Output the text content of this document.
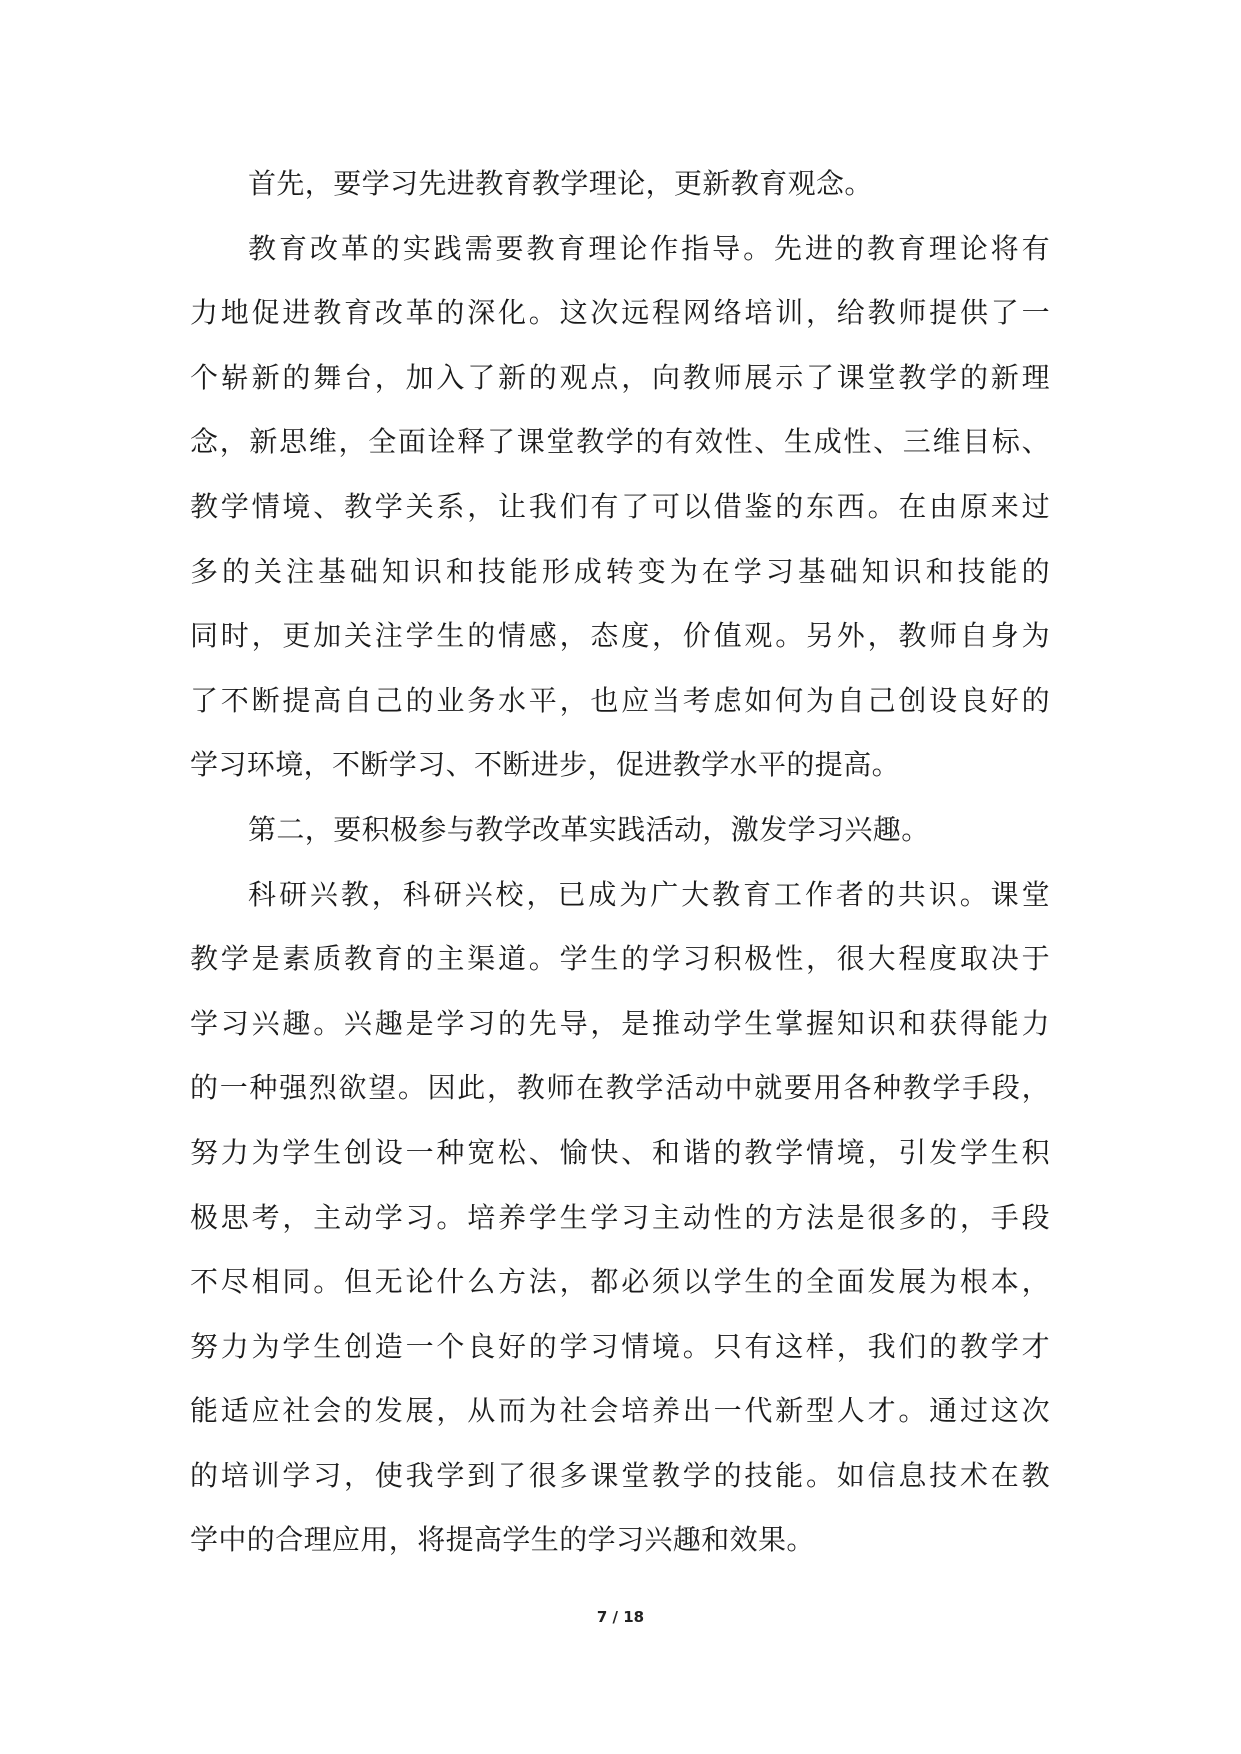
首先，要学习先进教育教学理论，更新教育观念。
教育改革的实践需要教育理论作指导。先进的教育理论将有
力地促进教育改革的深化。这次远程网络培训，给教师提供了一
个崭新的舞台，加入了新的观点，向教师展示了课堂教学的新理
念，新思维，全面诠释了课堂教学的有效性、生成性、三维目标、
教学情境、教学关系，让我们有了可以借鉴的东西。在由原来过
多的关注基础知识和技能形成转变为在学习基础知识和技能的
同时，更加关注学生的情感，态度，价值观。另外，教师自身为
了不断提高自己的业务水平，也应当考虑如何为自己创设良好的
学习环境，不断学习、不断进步，促进教学水平的提高。
第二，要积极参与教学改革实践活动，激发学习兴趣。
科研兴教，科研兴校，已成为广大教育工作者的共识。课堂
教学是素质教育的主渠道。学生的学习积极性，很大程度取决于
学习兴趣。兴趣是学习的先导，是推动学生掌握知识和获得能力
的一种强烈欲望。因此，教师在教学活动中就要用各种教学手段，
努力为学生创设一种宽松、愉快、和谐的教学情境，引发学生积
极思考，主动学习。培养学生学习主动性的方法是很多的，手段
不尽相同。但无论什么方法，都必须以学生的全面发展为根本，
努力为学生创造一个良好的学习情境。只有这样，我们的教学才
能适应社会的发展，从而为社会培养出一代新型人才。通过这次
的培训学习，使我学到了很多课堂教学的技能。如信息技术在教
学中的合理应用，将提高学生的学习兴趣和效果。
7 / 18
